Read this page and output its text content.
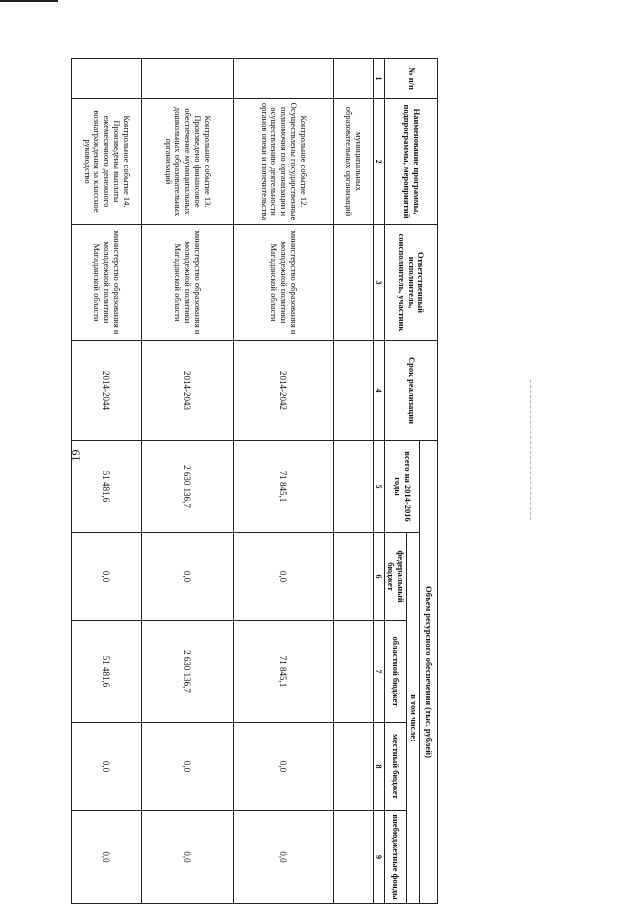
19
№ п/п	Наименование программы, подпрограммы, мероприятий	Ответственный исполнитель, соисполнитель, участник	Срок реализации	Объем ресурсного обеспечения (тыс. рублей)				
				всего на 2014-2016 годы	в том числе:			
					федеральный бюджет	областной бюджет	местный бюджет	внебюджетные фонды
1	2	3	4	5	6	7	8	9
	муниципальных образовательных организаций							
	Контрольное событие 12. Осуществлены государственные полномочия по организации и осуществлению деятельности органов опеки и попечительства	министерство образования и молодежной политики Магаданской области	2014-2042	71 845,1	0,0	71 845,1	0,0	0,0
	Контрольное событие 13. Произведено финансовое обеспечение муниципальных дошкольных образовательных организаций	министерство образования и молодежной политики Магаданской области	2014-2043	2 630 136,7	0,0	2 630 136,7	0,0	0,0
	Контрольное событие 14. Произведены выплаты ежемесячного денежного вознаграждения за классное руководство	министерство образования и молодежной политики Магаданской области	2014-2044	51 481,6	0,0	51 481,6	0,0	0,0
